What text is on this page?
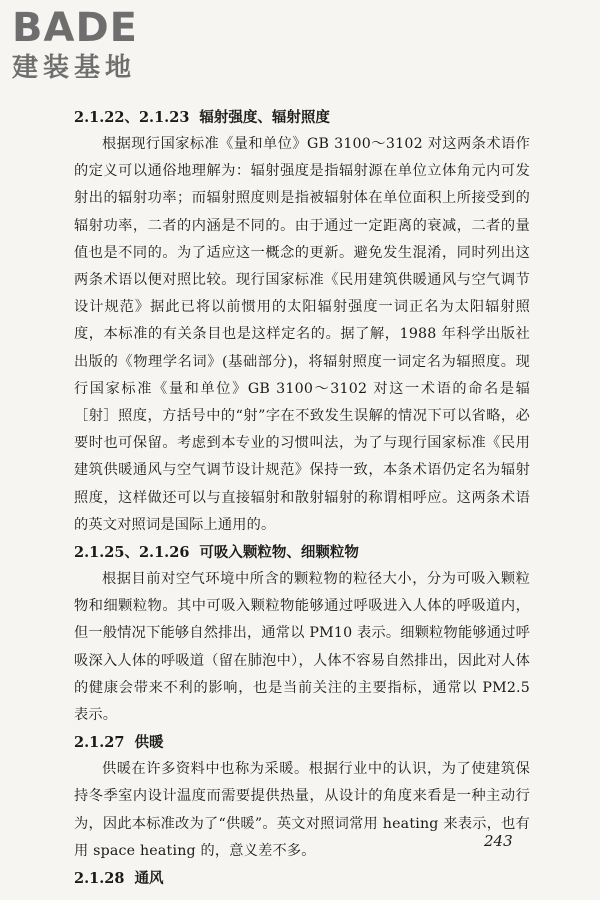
BADE
建装基地
2.1.22、2.1.23 辐射强度、辐射照度

根据现行国家标准《量和单位》GB 3100～3102 对这两条术语作的定义可以通俗地理解为：辐射强度是指辐射源在单位立体角元内可发射出的辐射功率；而辐射照度则是指被辐射体在单位面积上所接受到的辐射功率，二者的内涵是不同的。由于通过一定距离的衰减，二者的量值也是不同的。为了适应这一概念的更新。避免发生混淆，同时列出这两条术语以便对照比较。现行国家标准《民用建筑供暖通风与空气调节设计规范》据此已将以前惯用的太阳辐射强度一词正名为太阳辐射照度，本标准的有关条目也是这样定名的。据了解，1988 年科学出版社出版的《物理学名词》(基础部分)，将辐射照度一词定名为辐照度。现行国家标准《量和单位》GB 3100～3102 对这一术语的命名是辐［射］照度，方括号中的“射”字在不致发生误解的情况下可以省略，必要时也可保留。考虑到本专业的习惯叫法，为了与现行国家标准《民用建筑供暖通风与空气调节设计规范》保持一致，本条术语仍定名为辐射照度，这样做还可以与直接辐射和散射辐射的称谓相呼应。这两条术语的英文对照词是国际上通用的。

2.1.25、2.1.26 可吸入颗粒物、细颗粒物

根据目前对空气环境中所含的颗粒物的粒径大小，分为可吸入颗粒物和细颗粒物。其中可吸入颗粒物能够通过呼吸进入人体的呼吸道内，但一般情况下能够自然排出，通常以 PM10 表示。细颗粒物能够通过呼吸深入人体的呼吸道（留在肺泡中），人体不容易自然排出，因此对人体的健康会带来不利的影响，也是当前关注的主要指标，通常以 PM2.5 表示。

2.1.27 供暖

供暖在许多资料中也称为采暖。根据行业中的认识，为了使建筑保持冬季室内设计温度而需要提供热量，从设计的角度来看是一种主动行为，因此本标准改为了“供暖”。英文对照词常用 heating 来表示，也有用 space heating 的，意义差不多。

2.1.28 通风
243
